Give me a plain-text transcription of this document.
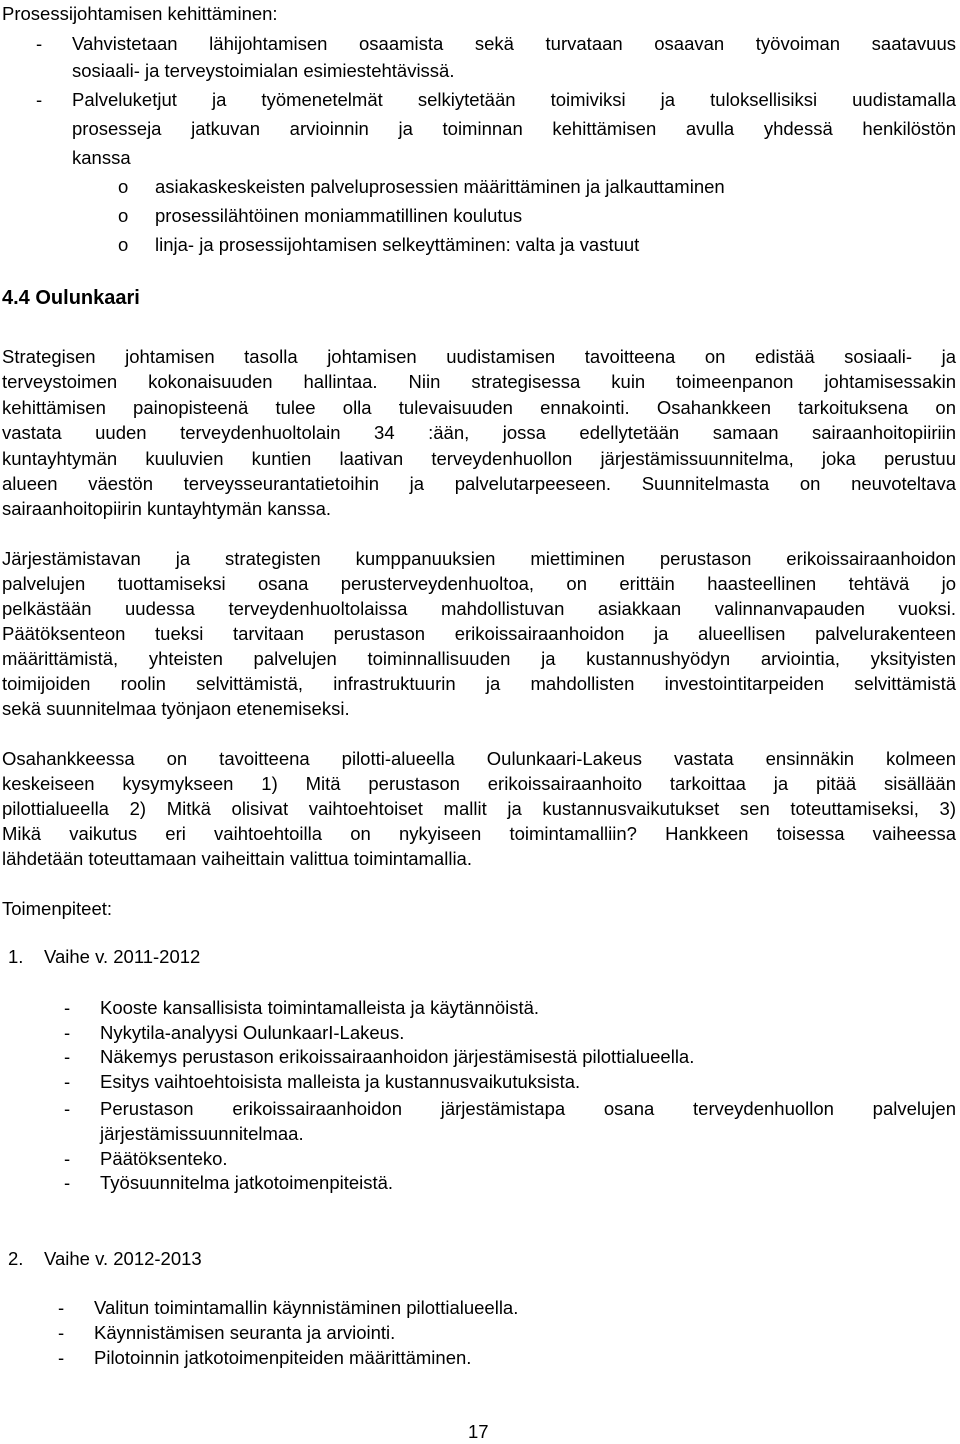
Prosessijohtamisen kehittäminen:
- Vahvistetaan lähijohtamisen osaamista sekä turvataan osaavan työvoiman saatavuus
sosiaali- ja terveystoimialan esimiestehtävissä.
- Palveluketjut ja työmenetelmät selkiytetään toimiviksi ja tuloksellisiksi uudistamalla
prosesseja jatkuvan arvioinnin ja toiminnan kehittämisen avulla yhdessä henkilöstön
kanssa
o asiakaskeskeisten palveluprosessien määrittäminen ja jalkauttaminen
o prosessilähtöinen moniammatillinen koulutus
o linja- ja prosessijohtamisen selkeyttäminen: valta ja vastuut
4.4 Oulunkaari
Strategisen johtamisen tasolla johtamisen uudistamisen tavoitteena on edistää sosiaali- ja
terveystoimen kokonaisuuden hallintaa. Niin strategisessa kuin toimeenpanon johtamisessakin
kehittämisen painopisteenä tulee olla tulevaisuuden ennakointi. Osahankkeen tarkoituksena on
vastata uuden terveydenhuoltolain 34 :ään, jossa edellytetään samaan sairaanhoitopiiriin
kuntayhtymän kuuluvien kuntien laativan terveydenhuollon järjestämissuunnitelma, joka perustuu
alueen väestön terveysseurantatietoihin ja palvelutarpeeseen. Suunnitelmasta on neuvoteltava
sairaanhoitopiirin kuntayhtymän kanssa.
Järjestämistavan ja strategisten kumppanuuksien miettiminen perustason erikoissairaanhoidon
palvelujen tuottamiseksi osana perusterveydenhuoltoa, on erittäin haasteellinen tehtävä jo
pelkästään uudessa terveydenhuoltolaissa mahdollistuvan asiakkaan valinnanvapauden vuoksi.
Päätöksenteon tueksi tarvitaan perustason erikoissairaanhoidon ja alueellisen palvelurakenteen
määrittämistä, yhteisten palvelujen toiminnallisuuden ja kustannushyödyn arviointia, yksityisten
toimijoiden roolin selvittämistä, infrastruktuurin ja mahdollisten investointitarpeiden selvittämistä
sekä suunnitelmaa työnjaon etenemiseksi.
Osahankkeessa on tavoitteena pilotti-alueella Oulunkaari-Lakeus vastata ensinnäkin kolmeen
keskeiseen kysymykseen 1) Mitä perustason erikoissairaanhoito tarkoittaa ja pitää sisällään
pilottialueella 2) Mitkä olisivat vaihtoehtoiset mallit ja kustannusvaikutukset sen toteuttamiseksi, 3)
Mikä vaikutus eri vaihtoehtoilla on nykyiseen toimintamalliin? Hankkeen toisessa vaiheessa
lähdetään toteuttamaan vaiheittain valittua toimintamallia.
Toimenpiteet:
1. Vaihe v. 2011-2012
- Kooste kansallisista toimintamalleista ja käytännöistä.
- Nykytila-analyysi OulunkaarI-Lakeus.
- Näkemys perustason erikoissairaanhoidon järjestämisestä pilottialueella.
- Esitys vaihtoehtoisista malleista ja kustannusvaikutuksista.
- Perustason erikoissairaanhoidon järjestämistapa osana terveydenhuollon palvelujen
järjestämissuunnitelmaa.
- Päätöksenteko.
- Työsuunnitelma jatkotoimenpiteistä.
2. Vaihe v. 2012-2013
- Valitun toimintamallin käynnistäminen pilottialueella.
- Käynnistämisen seuranta ja arviointi.
- Pilotoinnin jatkotoimenpiteiden määrittäminen.
17
